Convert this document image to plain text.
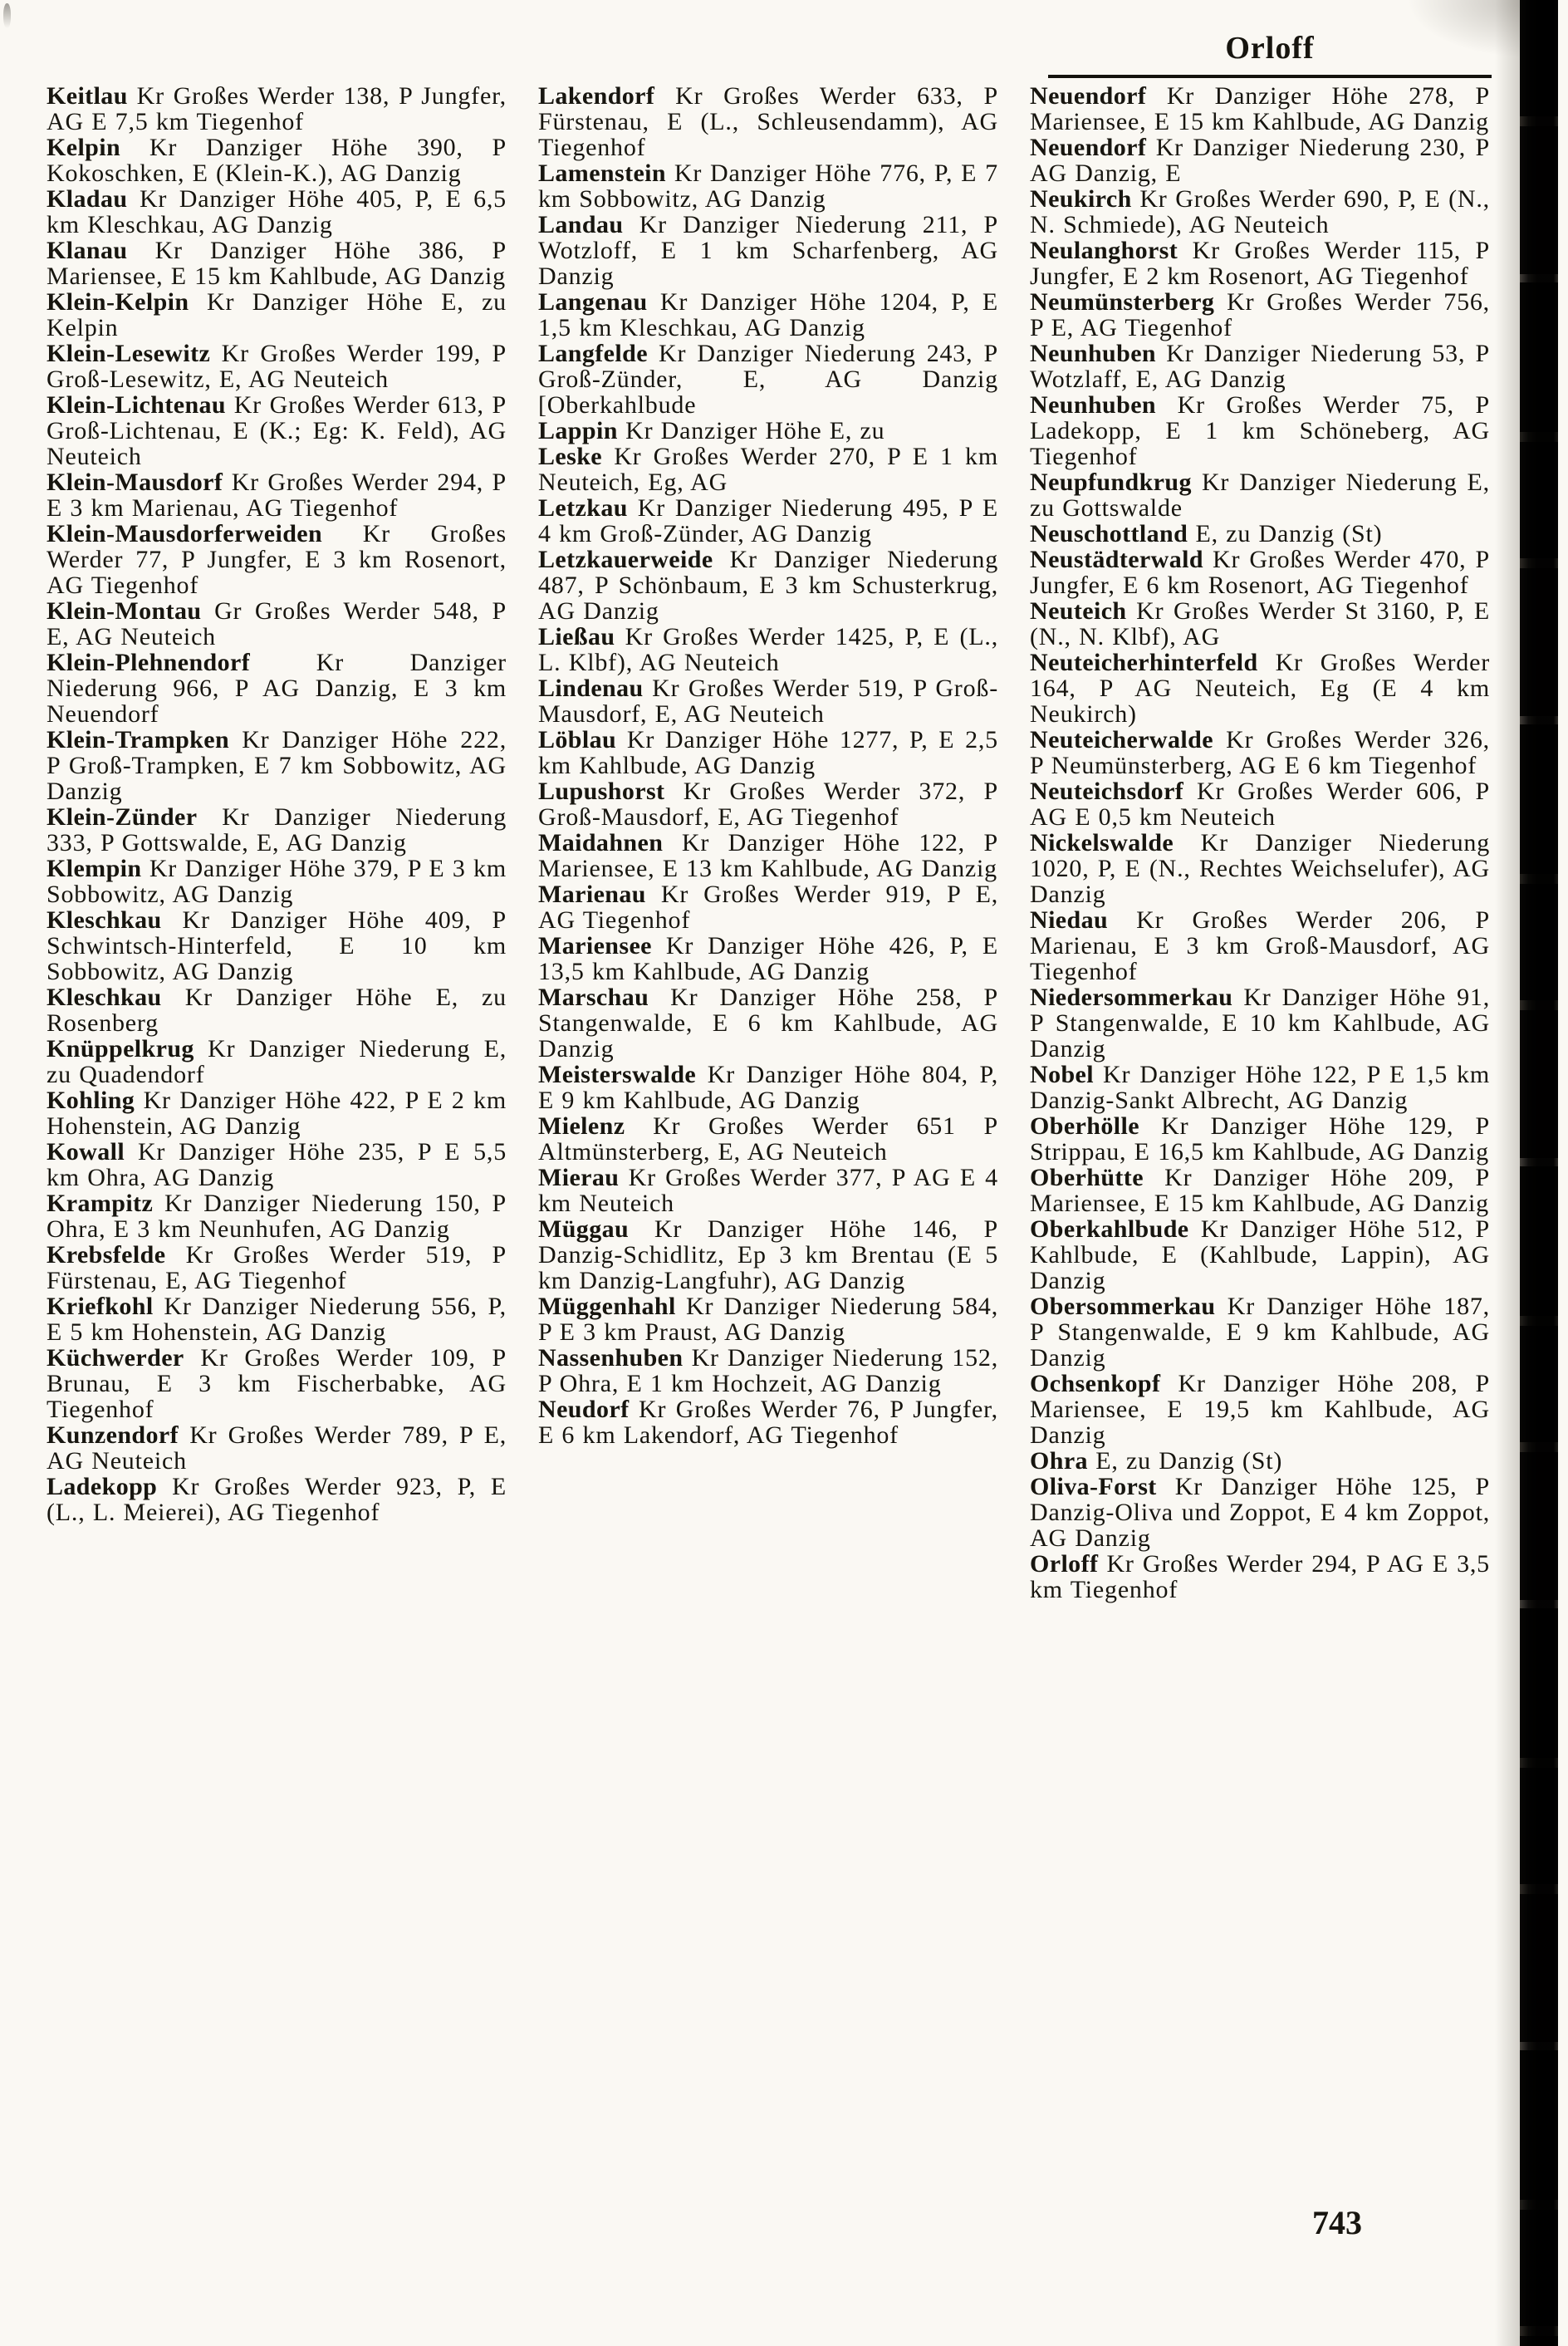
Orloff

Keitlau Kr Großes Werder 138, P Jungfer, AG E 7,5 km Tiegenhof

Kelpin Kr Danziger Höhe 390, P Kokoschken, E (Klein-K.), AG Danzig

Kladau Kr Danziger Höhe 405, P, E 6,5 km Kleschkau, AG Danzig

Klanau Kr Danziger Höhe 386, P Mariensee, E 15 km Kahlbude, AG Danzig

Klein-Kelpin Kr Danziger Höhe E, zu Kelpin

Klein-Lesewitz Kr Großes Werder 199, P Groß-Lesewitz, E, AG Neuteich

Klein-Lichtenau Kr Großes Werder 613, P Groß-Lichtenau, E (K.; Eg: K. Feld), AG Neuteich

Klein-Mausdorf Kr Großes Werder 294, P E 3 km Marienau, AG Tiegenhof

Klein-Mausdorferweiden Kr Großes Werder 77, P Jungfer, E 3 km Rosenort, AG Tiegenhof

Klein-Montau Gr Großes Werder 548, P E, AG Neuteich

Klein-Plehnendorf	Kr Danziger Niederung 966, P AG Danzig, E 3 km Neuendorf

Klein-Trampken Kr Danziger Höhe 222, P Groß-Trampken, E 7 km Sobbowitz, AG Danzig

Klein-Zünder Kr Danziger Niederung 333, P Gottswalde, E, AG Danzig

Klempin Kr Danziger Höhe 379, P E 3 km Sobbowitz, AG Danzig

Kleschkau Kr Danziger Höhe 409, P Schwintsch-Hinterfeld, E 10 km Sobbowitz, AG Danzig

Kleschkau Kr Danziger Höhe E, zu Rosenberg

Knüppelkrug Kr Danziger Niederung E, zu Quadendorf

Kohling Kr Danziger Höhe 422, P E 2 km Hohenstein, AG Danzig

Kowall Kr Danziger Höhe 235, P E 5,5 km Ohra, AG Danzig

Krampitz Kr Danziger Niederung 150, P Ohra, E 3 km Neunhufen, AG Danzig

Krebsfelde Kr Großes Werder 519, P Fürstenau, E, AG Tiegenhof

Kriefkohl Kr Danziger Niederung 556, P, E 5 km Hohenstein, AG Danzig

Küchwerder Kr Großes Werder 109, P Brunau, E 3 km Fischerbabke, AG Tiegenhof

Kunzendorf Kr Großes Werder 789, P E, AG Neuteich

Ladekopp Kr Großes Werder 923, P, E (L., L. Meierei), AG Tiegenhof

Lakendorf Kr Großes Werder 633, P Fürstenau, E (L., Schleusendamm), AG Tiegenhof

Lamenstein Kr Danziger Höhe 776, P, E 7 km Sobbowitz, AG Danzig

Landau Kr Danziger Niederung 211, P Wotzloff, E 1 km Scharfenberg, AG Danzig

Langenau Kr Danziger Höhe 1204, P, E 1,5 km Kleschkau, AG Danzig

Langfelde Kr Danziger Niederung 243, P Groß-Zünder, E, AG Danzig [Oberkahlbude

Lappin Kr Danziger Höhe E, zu

Leske Kr Großes Werder 270, P E 1 km Neuteich, Eg, AG

Letzkau Kr Danziger Niederung 495, P E 4 km Groß-Zünder, AG Danzig

Letzkauerweide Kr Danziger Niederung 487, P Schönbaum, E 3 km Schusterkrug, AG Danzig

Ließau Kr Großes Werder 1425, P, E (L., L. Klbf), AG Neuteich

Lindenau Kr Großes Werder 519, P Groß-Mausdorf, E, AG Neuteich

Löblau Kr Danziger Höhe 1277, P, E 2,5 km Kahlbude, AG Danzig

Lupushorst Kr Großes Werder 372, P Groß-Mausdorf, E, AG Tiegenhof

Maidahnen Kr Danziger Höhe 122, P Mariensee, E 13 km Kahlbude, AG Danzig

Marienau Kr Großes Werder 919, P E, AG Tiegenhof

Mariensee Kr Danziger Höhe 426, P, E 13,5 km Kahlbude, AG Danzig

Marschau Kr Danziger Höhe 258, P Stangenwalde, E 6 km Kahlbude, AG Danzig

Meisterswalde Kr Danziger Höhe 804, P, E 9 km Kahlbude, AG Danzig

Mielenz Kr Großes Werder 651 P Altmünsterberg, E, AG Neuteich

Mierau Kr Großes Werder 377, P AG E 4 km Neuteich

Müggau Kr Danziger Höhe 146, P Danzig-Schidlitz, Ep 3 km Brentau (E 5 km Danzig-Langfuhr), AG Danzig

Müggenhahl Kr Danziger Niederung 584, P E 3 km Praust, AG Danzig

Nassenhuben Kr Danziger Niederung 152, P Ohra, E 1 km Hochzeit, AG Danzig

Neudorf Kr Großes Werder 76, P Jungfer, E 6 km Lakendorf, AG Tiegenhof

Neuendorf Kr Danziger Höhe 278, P Mariensee, E 15 km Kahlbude, AG Danzig

Neuendorf Kr Danziger Niederung 230, P AG Danzig, E

Neukirch Kr Großes Werder 690, P, E (N., N. Schmiede), AG Neuteich

Neulanghorst Kr Großes Werder 115, P Jungfer, E 2 km Rosenort, AG Tiegenhof

Neumünsterberg Kr Großes Werder 756, P E, AG Tiegenhof

Neunhuben Kr Danziger Niederung 53, P Wotzlaff, E, AG Danzig

Neunhuben Kr Großes Werder 75, P Ladekopp, E 1 km Schöneberg, AG Tiegenhof

Neupfundkrug Kr Danziger Niederung E, zu Gottswalde

Neuschottland E, zu Danzig (St)

Neustädterwald Kr Großes Werder 470, P Jungfer, E 6 km Rosenort, AG Tiegenhof

Neuteich Kr Großes Werder St 3160, P, E (N., N. Klbf), AG

Neuteicherhinterfeld Kr Großes Werder 164, P AG Neuteich, Eg (E 4 km Neukirch)

Neuteicherwalde Kr Großes Werder 326, P Neumünsterberg, AG E 6 km Tiegenhof

Neuteichsdorf Kr Großes Werder 606, P AG E 0,5 km Neuteich

Nickelswalde Kr Danziger Niederung 1020, P, E (N., Rechtes Weichselufer), AG Danzig

Niedau Kr Großes Werder 206, P Marienau, E 3 km Groß-Mausdorf, AG Tiegenhof

Niedersommerkau Kr Danziger Höhe 91, P Stangenwalde, E 10 km Kahlbude, AG Danzig

Nobel Kr Danziger Höhe 122, P E 1,5 km Danzig-Sankt Albrecht, AG Danzig

Oberhölle Kr Danziger Höhe 129, P Strippau, E 16,5 km Kahlbude, AG Danzig

Oberhütte Kr Danziger Höhe 209, P Mariensee, E 15 km Kahlbude, AG Danzig

Oberkahlbude Kr Danziger Höhe 512, P Kahlbude, E (Kahlbude, Lappin), AG Danzig

Obersommerkau Kr Danziger Höhe 187, P Stangenwalde, E 9 km Kahlbude, AG Danzig

Ochsenkopf Kr Danziger Höhe 208, P Mariensee, E 19,5 km Kahlbude, AG Danzig

Ohra E, zu Danzig (St)

Oliva-Forst Kr Danziger Höhe 125, P Danzig-Oliva und Zoppot, E 4 km Zoppot, AG Danzig

Orloff Kr Großes Werder 294, P AG E 3,5 km Tiegenhof

743
